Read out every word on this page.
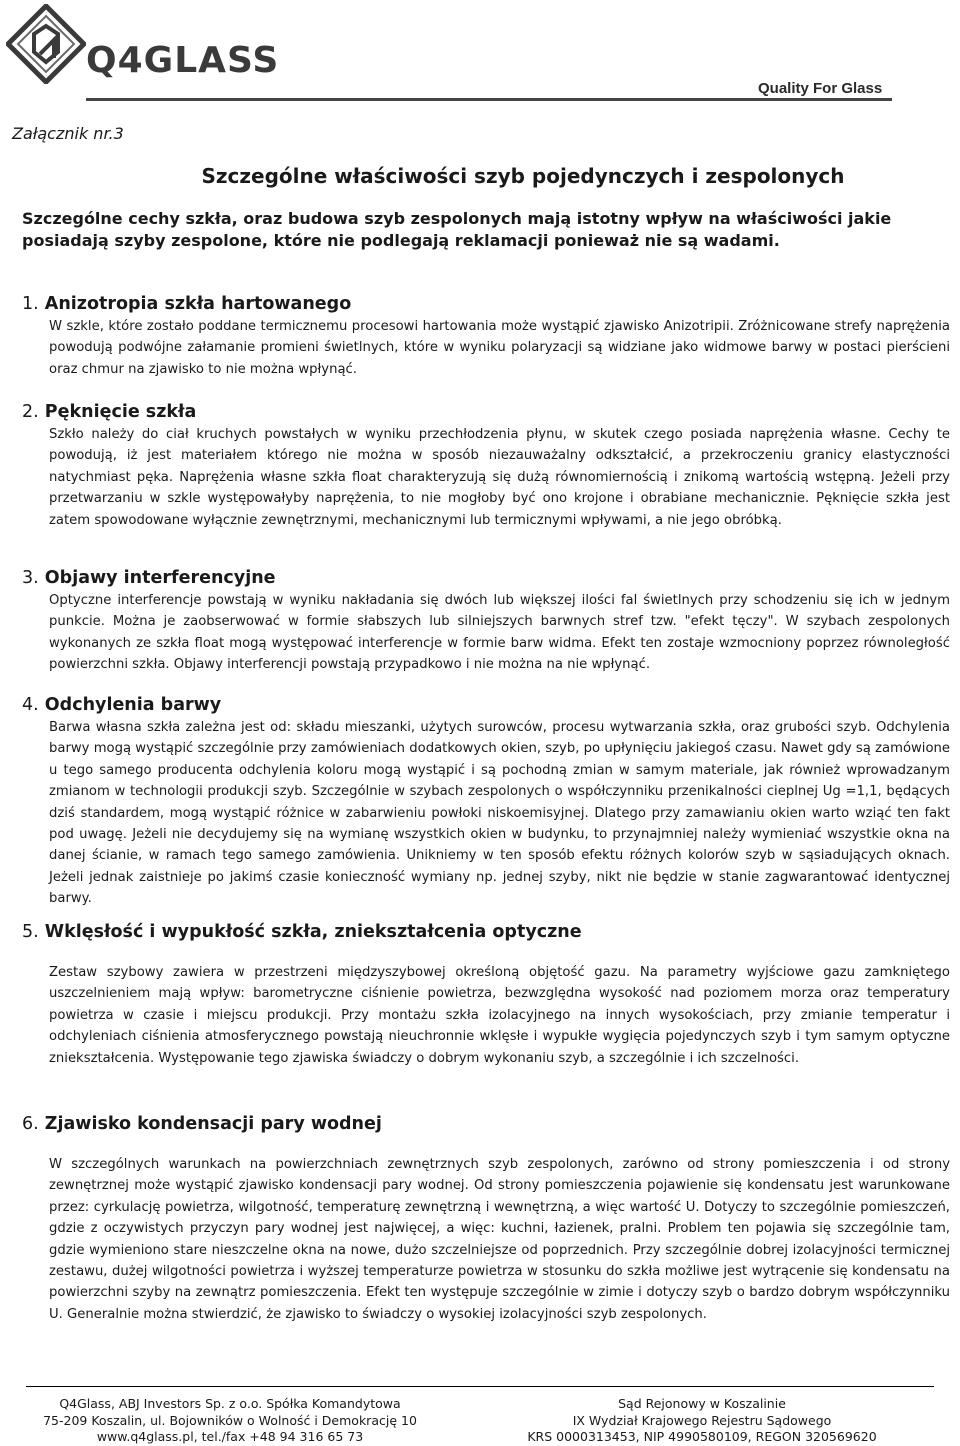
Q4GLASS
Quality For Glass
Załącznik nr.3
Szczególne właściwości szyb pojedynczych i zespolonych
Szczególne cechy szkła, oraz budowa szyb zespolonych mają istotny wpływ na właściwości jakie posiadają szyby zespolone, które nie podlegają reklamacji ponieważ nie są wadami.
1. Anizotropia szkła hartowanego
W szkle, które zostało poddane termicznemu procesowi hartowania może wystąpić zjawisko Anizotripii. Zróżnicowane strefy naprężenia powodują podwójne załamanie promieni świetlnych, które w wyniku polaryzacji są widziane jako widmowe barwy w postaci pierścieni oraz chmur na zjawisko to nie można wpłynąć.
2. Pęknięcie szkła
Szkło należy do ciał kruchych powstałych w wyniku przechłodzenia płynu, w skutek czego posiada naprężenia własne. Cechy te powodują, iż jest materiałem którego nie można w sposób niezauważalny odkształcić, a przekroczeniu granicy elastyczności natychmiast pęka. Naprężenia własne szkła float charakteryzują się dużą równomiernością i znikomą wartością wstępną. Jeżeli przy przetwarzaniu w szkle występowałyby naprężenia, to nie mogłoby być ono krojone i obrabiane mechanicznie. Pęknięcie szkła jest zatem spowodowane wyłącznie zewnętrznymi, mechanicznymi lub termicznymi wpływami, a nie jego obróbką.
3. Objawy interferencyjne
Optyczne interferencje powstają w wyniku nakładania się dwóch lub większej ilości fal świetlnych przy schodzeniu się ich w jednym punkcie. Można je zaobserwować w formie słabszych lub silniejszych barwnych stref tzw. "efekt tęczy". W szybach zespolonych wykonanych ze szkła float mogą występować interferencje w formie barw widma. Efekt ten zostaje wzmocniony poprzez równoległość powierzchni szkła. Objawy interferencji powstają przypadkowo i nie można na nie wpłynąć.
4. Odchylenia barwy
Barwa własna szkła zależna jest od: składu mieszanki, użytych surowców, procesu wytwarzania szkła, oraz grubości szyb. Odchylenia barwy mogą wystąpić szczególnie przy zamówieniach dodatkowych okien, szyb, po upłynięciu jakiegoś czasu. Nawet gdy są zamówione u tego samego producenta odchylenia koloru mogą wystąpić i są pochodną zmian w samym materiale, jak również wprowadzanym zmianom w technologii produkcji szyb. Szczególnie w szybach zespolonych o współczynniku przenikalności cieplnej Ug =1,1, będących dziś standardem, mogą wystąpić różnice w zabarwieniu powłoki niskoemisyjnej. Dlatego przy zamawianiu okien warto wziąć ten fakt pod uwagę. Jeżeli nie decydujemy się na wymianę wszystkich okien w budynku, to przynajmniej należy wymieniać wszystkie okna na danej ścianie, w ramach tego samego zamówienia. Unikniemy w ten sposób efektu różnych kolorów szyb w sąsiadujących oknach. Jeżeli jednak zaistnieje po jakimś czasie konieczność wymiany np. jednej szyby, nikt nie będzie w stanie zagwarantować identycznej barwy.
5. Wklęsłość i wypukłość szkła, zniekształcenia optyczne
Zestaw szybowy zawiera w przestrzeni międzyszybowej określoną objętość gazu. Na parametry wyjściowe gazu zamkniętego uszczelnieniem mają wpływ: barometryczne ciśnienie powietrza, bezwzględna wysokość nad poziomem morza oraz temperatury powietrza w czasie i miejscu produkcji. Przy montażu szkła izolacyjnego na innych wysokościach, przy zmianie temperatur i odchyleniach ciśnienia atmosferycznego powstają nieuchronnie wklęsłe i wypukłe wygięcia pojedynczych szyb i tym samym optyczne zniekształcenia. Występowanie tego zjawiska świadczy o dobrym wykonaniu szyb, a szczególnie i ich szczelności.
6. Zjawisko kondensacji pary wodnej
W szczególnych warunkach na powierzchniach zewnętrznych szyb zespolonych, zarówno od strony pomieszczenia i od strony zewnętrznej może wystąpić zjawisko kondensacji pary wodnej. Od strony pomieszczenia pojawienie się kondensatu jest warunkowane przez: cyrkulację powietrza, wilgotność, temperaturę zewnętrzną i wewnętrzną, a więc wartość U. Dotyczy to szczególnie pomieszczeń, gdzie z oczywistych przyczyn pary wodnej jest najwięcej, a więc: kuchni, łazienek, pralni. Problem ten pojawia się szczególnie tam, gdzie wymieniono stare nieszczelne okna na nowe, dużo szczelniejsze od poprzednich. Przy szczególnie dobrej izolacyjności termicznej zestawu, dużej wilgotności powietrza i wyższej temperaturze powietrza w stosunku do szkła możliwe jest wytrącenie się kondensatu na powierzchni szyby na zewnątrz pomieszczenia. Efekt ten występuje szczególnie w zimie i dotyczy szyb o bardzo dobrym współczynniku U. Generalnie można stwierdzić, że zjawisko to świadczy o wysokiej izolacyjności szyb zespolonych.
Q4Glass, ABJ Investors Sp. z o.o. Spółka Komandytowa
75-209 Koszalin, ul. Bojowników o Wolność i Demokrację 10
www.q4glass.pl, tel./fax +48 94 316 65 73
Sąd Rejonowy w Koszalinie
IX Wydział Krajowego Rejestru Sądowego
KRS 0000313453, NIP 4990580109, REGON 320569620
